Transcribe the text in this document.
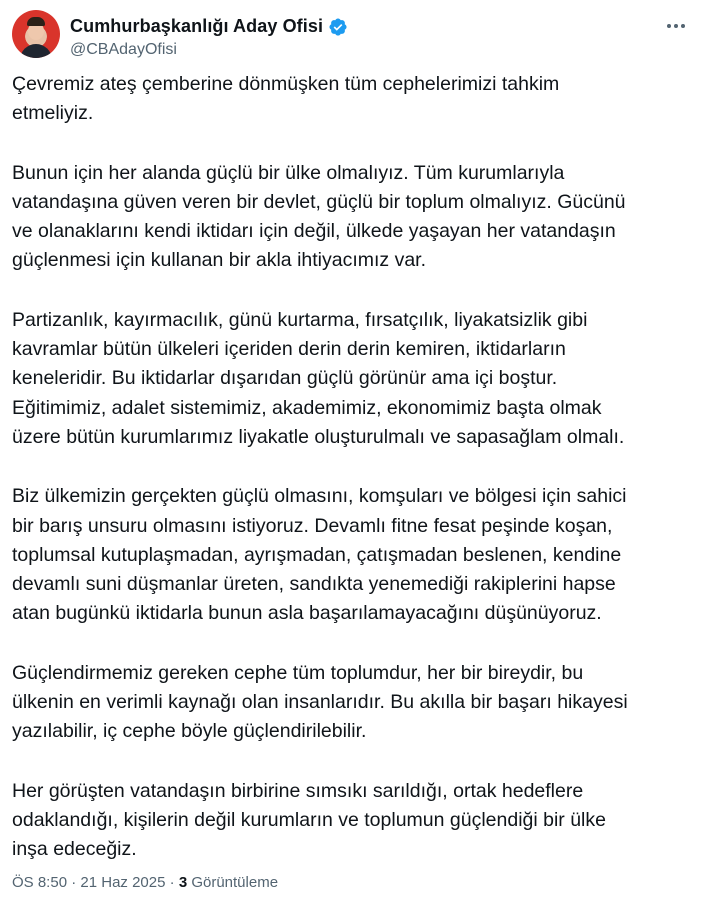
Cumhurbaşkanlığı Aday Ofisi
@CBAdayOfisi

Çevremiz ateş çemberine dönmüşken tüm cephelerimizi tahkim
etmeliyiz.

Bunun için her alanda güçlü bir ülke olmalıyız. Tüm kurumlarıyla
vatandaşına güven veren bir devlet, güçlü bir toplum olmalıyız. Gücünü
ve olanaklarını kendi iktidarı için değil, ülkede yaşayan her vatandaşın
güçlenmesi için kullanan bir akla ihtiyacımız var.

Partizanlık, kayırmacılık, günü kurtarma, fırsatçılık, liyakatsizlik gibi
kavramlar bütün ülkeleri içeriden derin derin kemiren, iktidarların
keneleridir. Bu iktidarlar dışarıdan güçlü görünür ama içi boştur.
Eğitimimiz, adalet sistemimiz, akademimiz, ekonomimiz başta olmak
üzere bütün kurumlarımız liyakatle oluşturulmalı ve sapasağlam olmalı.

Biz ülkemizin gerçekten güçlü olmasını, komşuları ve bölgesi için sahici
bir barış unsuru olmasını istiyoruz. Devamlı fitne fesat peşinde koşan,
toplumsal kutuplaşmadan, ayrışmadan, çatışmadan beslenen, kendine
devamlı suni düşmanlar üreten, sandıkta yenemediği rakiplerini hapse
atan bugünkü iktidarla bunun asla başarılamayacağını düşünüyoruz.

Güçlendirmemiz gereken cephe tüm toplumdur, her bir bireydir, bu
ülkenin en verimli kaynağı olan insanlarıdır. Bu akılla bir başarı hikayesi
yazılabilir, iç cephe böyle güçlendirilebilir.

Her görüşten vatandaşın birbirine sımsıkı sarıldığı, ortak hedeflere
odaklandığı, kişilerin değil kurumların ve toplumun güçlendiği bir ülke
inşa edeceğiz.

ÖS 8:50 · 21 Haz 2025 · 3 Görüntüleme
